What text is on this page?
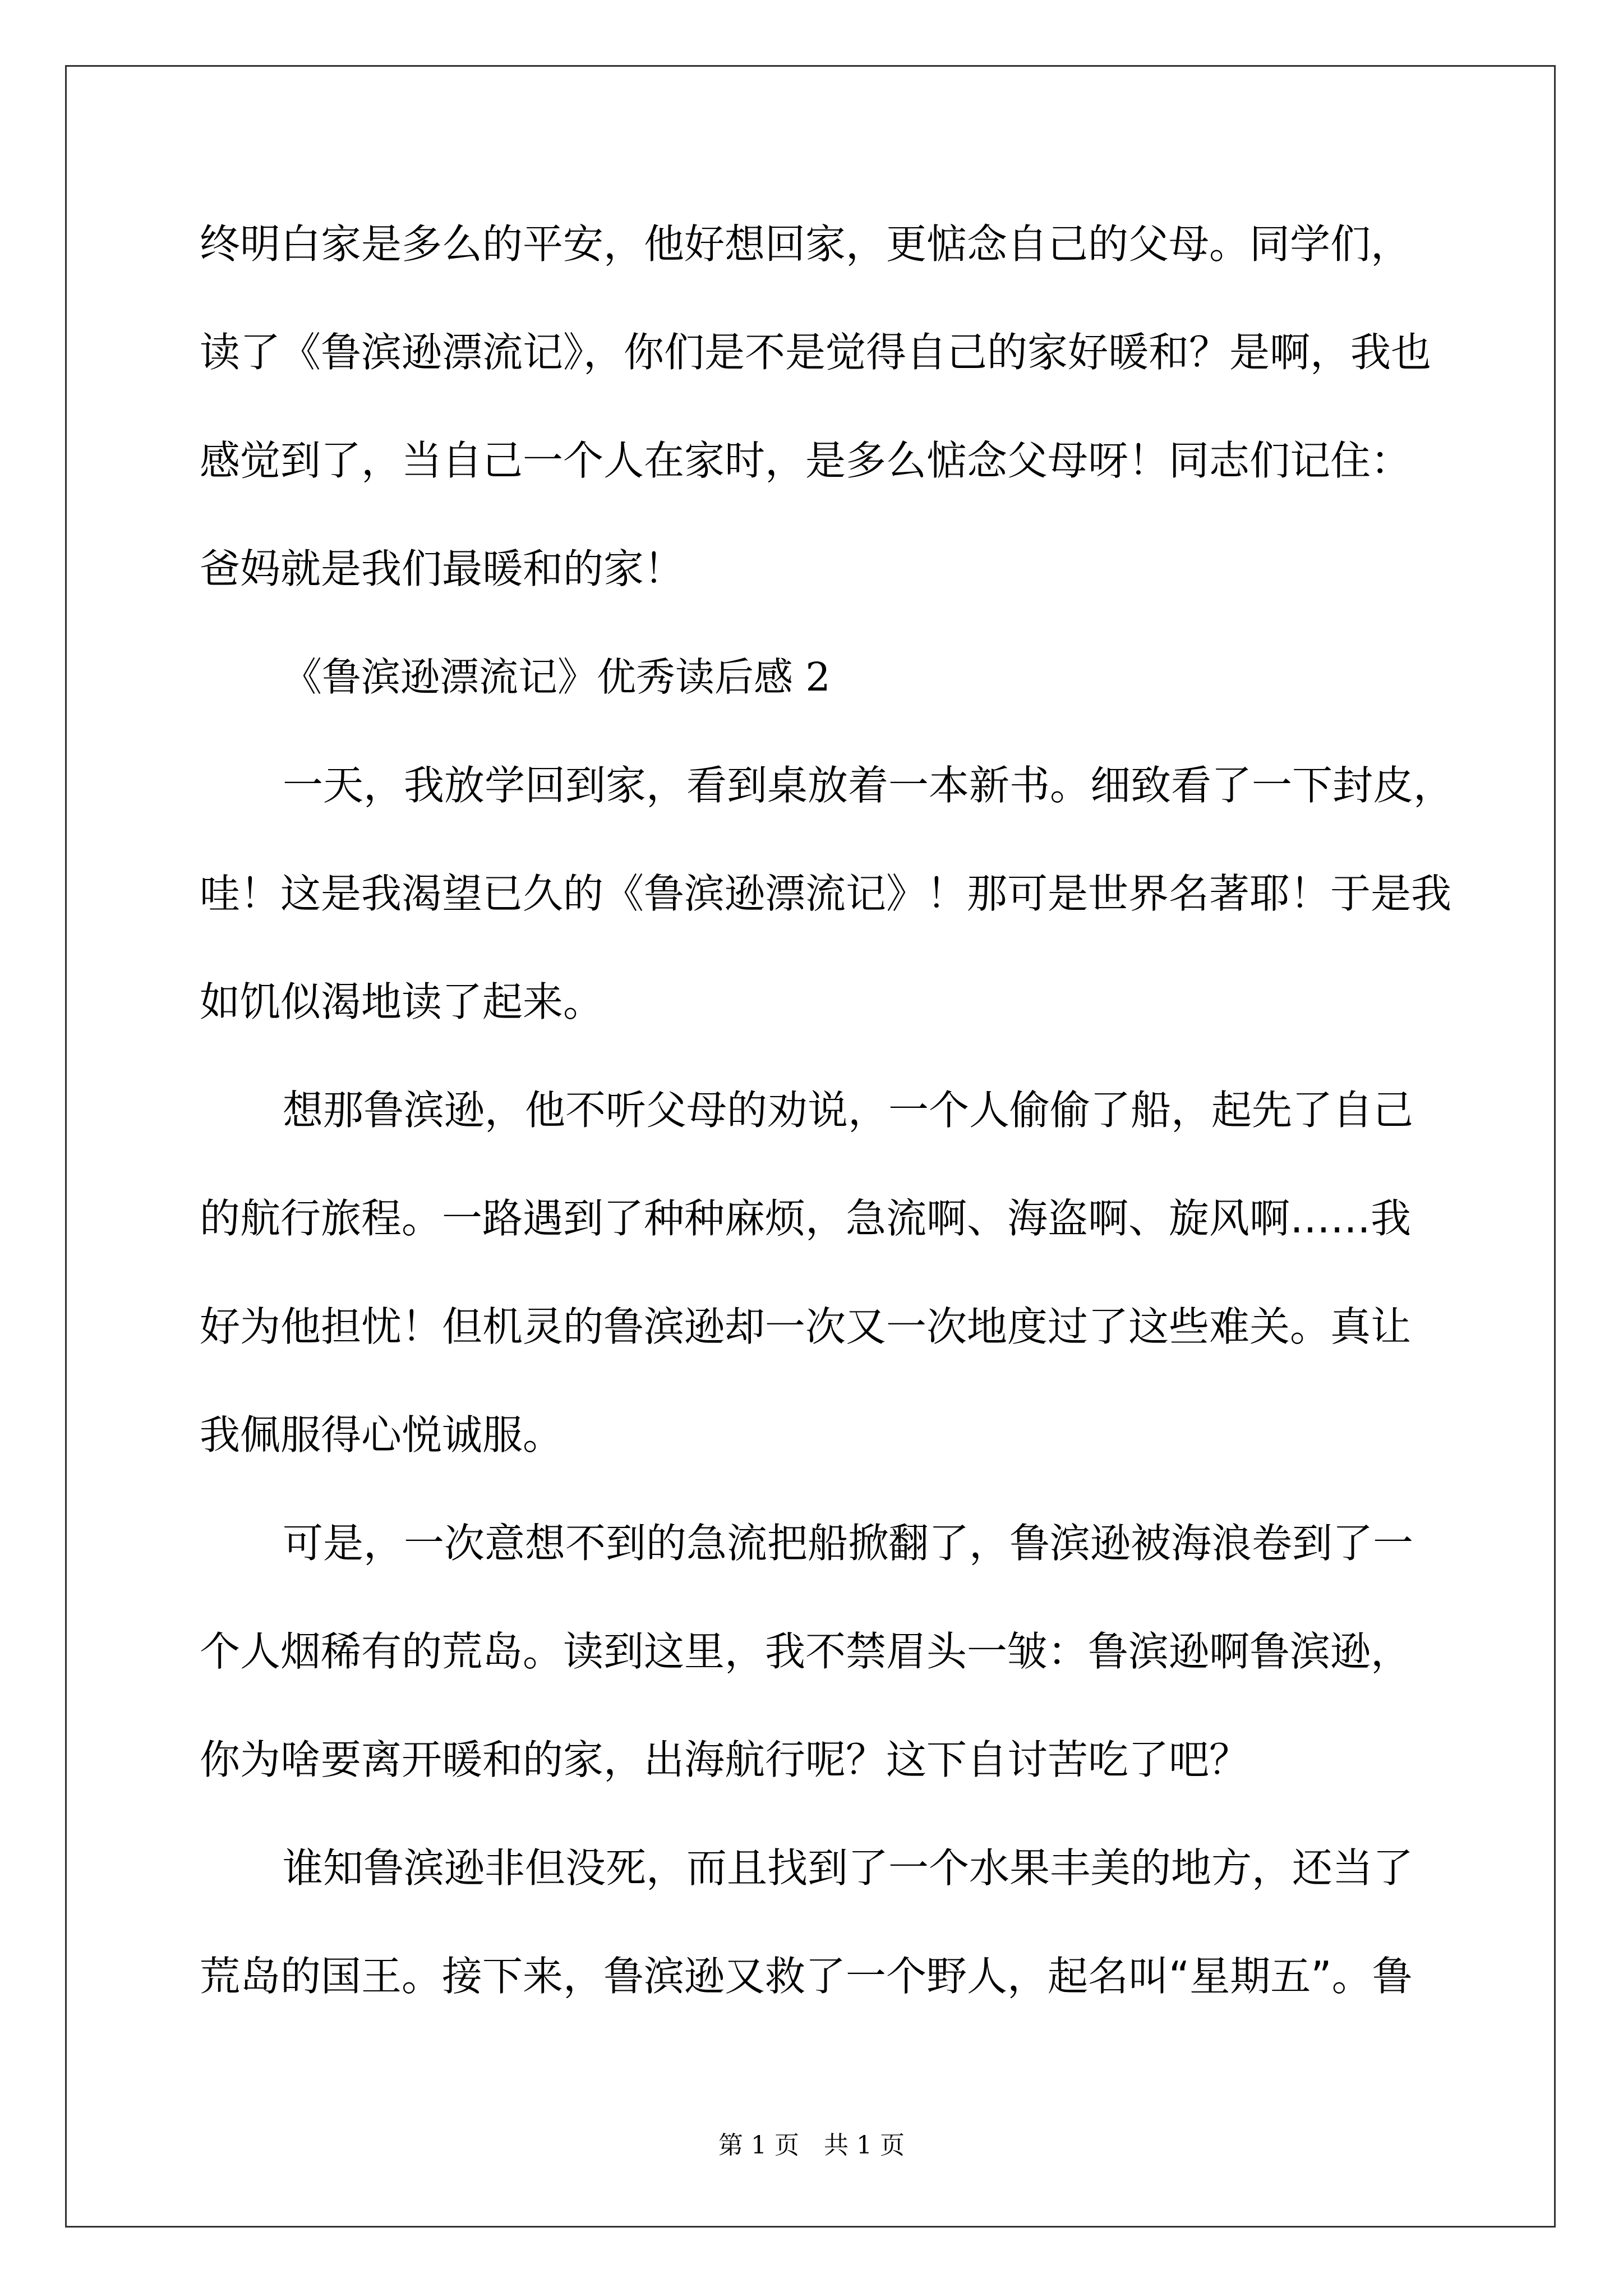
终明白家是多么的平安，他好想回家，更惦念自己的父母。同学们，
读了《鲁滨逊漂流记》，你们是不是觉得自己的家好暖和？是啊，我也
感觉到了，当自己一个人在家时，是多么惦念父母呀！同志们记住：
爸妈就是我们最暖和的家！
《鲁滨逊漂流记》优秀读后感 2
一天，我放学回到家，看到桌放着一本新书。细致看了一下封皮，
哇！这是我渴望已久的《鲁滨逊漂流记》！那可是世界名著耶！于是我
如饥似渴地读了起来。
想那鲁滨逊，他不听父母的劝说，一个人偷偷了船，起先了自己
的航行旅程。一路遇到了种种麻烦，急流啊、海盗啊、旋风啊……我
好为他担忧！但机灵的鲁滨逊却一次又一次地度过了这些难关。真让
我佩服得心悦诚服。
可是，一次意想不到的急流把船掀翻了，鲁滨逊被海浪卷到了一
个人烟稀有的荒岛。读到这里，我不禁眉头一皱：鲁滨逊啊鲁滨逊，
你为啥要离开暖和的家，出海航行呢？这下自讨苦吃了吧？
谁知鲁滨逊非但没死，而且找到了一个水果丰美的地方，还当了
荒岛的国王。接下来，鲁滨逊又救了一个野人，起名叫“星期五”。鲁
第 1 页　共 1 页
